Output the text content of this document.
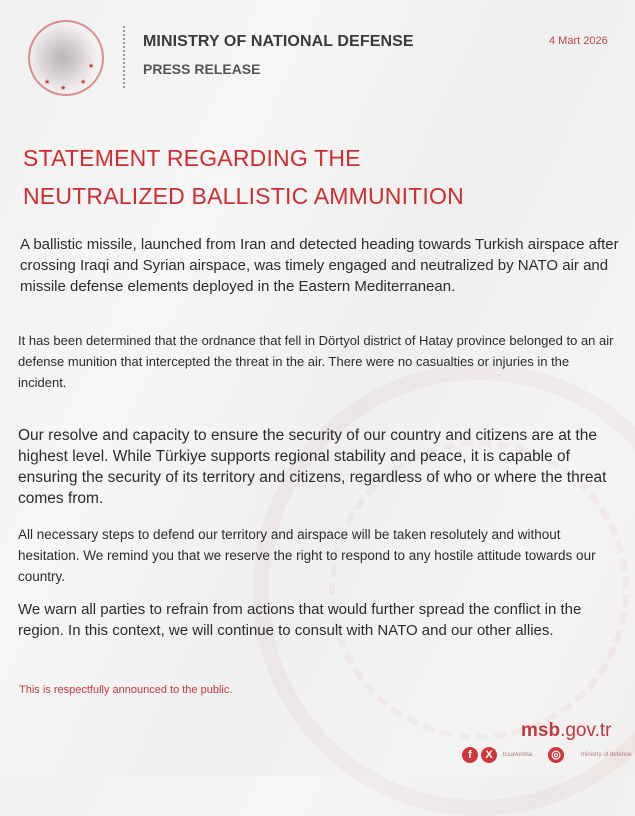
★
★
★
★
MINISTRY OF NATIONAL DEFENSE
PRESS RELEASE
4 Mart 2026
STATEMENT REGARDING THE
NEUTRALIZED BALLISTIC AMMUNITION
A ballistic missile, launched from Iran and detected heading towards Turkish airspace after crossing Iraqi and Syrian airspace, was timely engaged and neutralized by NATO air and missile defense elements deployed in the Eastern Mediterranean.
It has been determined that the ordnance that fell in Dörtyol district of Hatay province belonged to an air defense munition that intercepted the threat in the air. There were no casualties or injuries in the incident.
Our resolve and capacity to ensure the security of our country and citizens are at the highest level. While Türkiye supports regional stability and peace, it is capable of ensuring the security of its territory and citizens, regardless of who or where the threat comes from.
All necessary steps to defend our territory and airspace will be taken resolutely and without hesitation. We remind you that we reserve the right to respond to any hostile attitude towards our country.
We warn all parties to refrain from actions that would further spread the conflict in the region. In this context, we will continue to consult with NATO and our other allies.
This is respectfully announced to the public.
msb.gov.tr
f	X	tcsavunma ◎	ministry of defense
